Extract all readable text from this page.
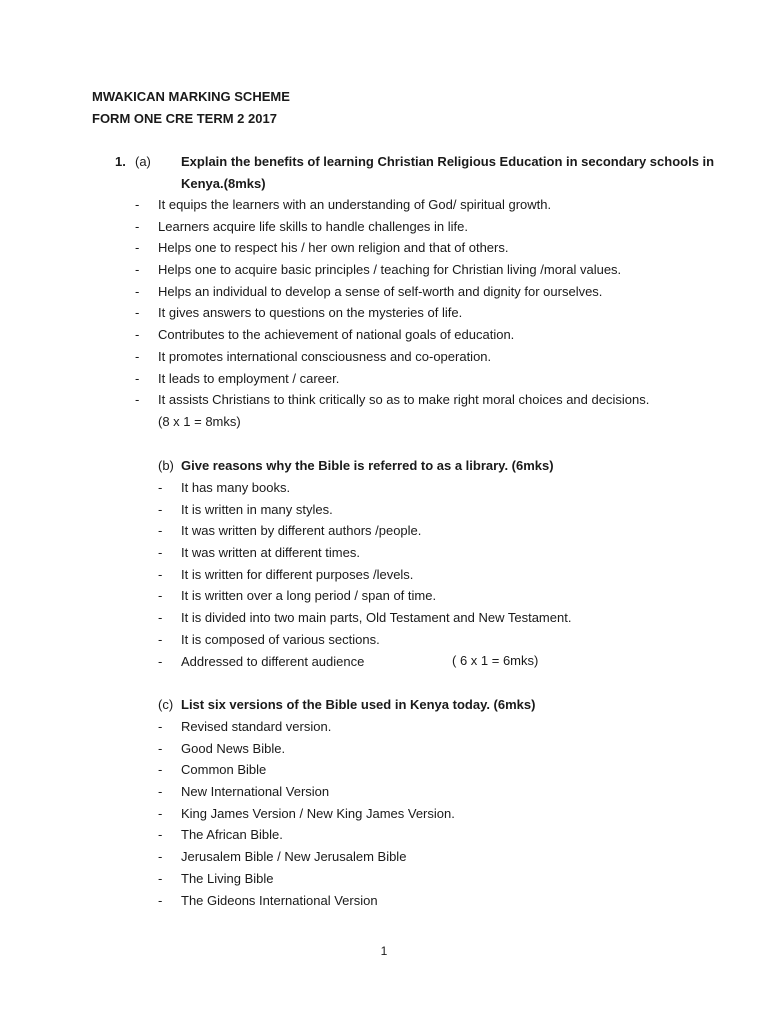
MWAKICAN MARKING SCHEME
FORM ONE CRE TERM 2 2017
1. (a) Explain the benefits of learning Christian Religious Education in secondary schools in Kenya.(8mks)
- It equips the learners with an understanding of God/ spiritual growth.
- Learners acquire life skills to handle challenges in life.
- Helps one to respect his / her own religion and that of others.
- Helps one to acquire basic principles / teaching for Christian living /moral values.
- Helps an individual to develop a sense of self-worth and dignity for ourselves.
- It gives answers to questions on the mysteries of life.
- Contributes to the achievement of national goals of education.
- It promotes international consciousness and co-operation.
- It leads to employment / career.
- It assists Christians to think critically so as to make right moral choices and decisions.
(8 x 1 = 8mks)
(b) Give reasons why the Bible is referred to as a library. (6mks)
- It has many books.
- It is written in many styles.
- It was written by different authors /people.
- It was written at different times.
- It is written for different purposes /levels.
- It is written over a long period / span of time.
- It is divided into two main parts, Old Testament and New Testament.
- It is composed of various sections.
- Addressed to different audience	( 6 x 1 = 6mks)
(c) List six versions of the Bible used in Kenya today. (6mks)
- Revised standard version.
- Good News Bible.
- Common Bible
- New International Version
- King James Version / New King James Version.
- The African Bible.
- Jerusalem Bible / New Jerusalem Bible
- The Living Bible
- The Gideons International Version
1
